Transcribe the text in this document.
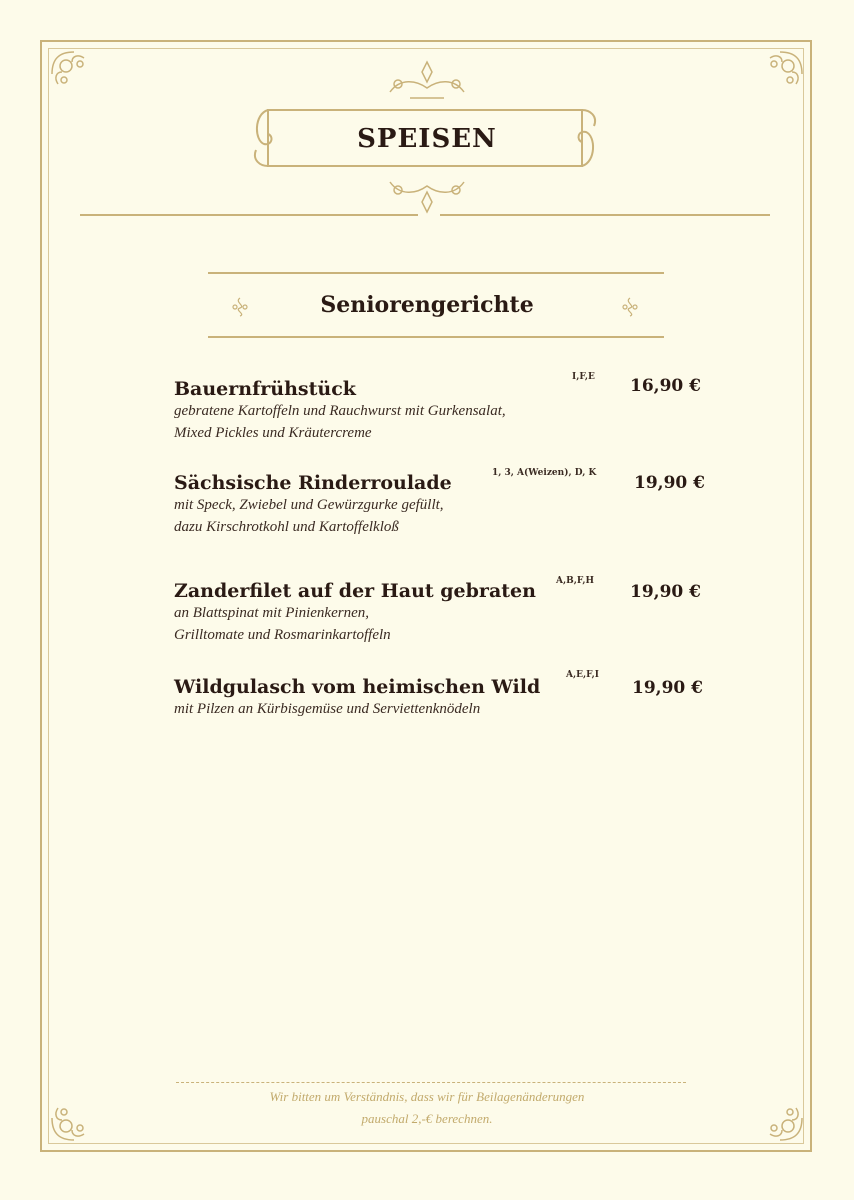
SPEISEN
Seniorengerichte
Bauernfrühstück
gebratene Kartoffeln und Rauchwurst mit Gurkensalat,
Mixed Pickles und Kräutercreme
I,F,E 16,90 €
Sächsische Rinderroulade
mit Speck, Zwiebel und Gewürzgurke gefüllt,
dazu Kirschrotkohl und Kartoffelkloß
1, 3, A(Weizen), D, K 19,90 €
Zanderfilet auf der Haut gebraten
an Blattspinat mit Pinienkernen,
Grilltomate und Rosmarinkartoffeln
A,B,F,H
19,90 €
Wildgulasch vom heimischen Wild
mit Pilzen an Kürbisgemüse und Serviettenknödeln
A,E,F,I
19,90 €
Wir bitten um Verständnis, dass wir für Beilagenänderungen
pauschal 2,-€ berechnen.
